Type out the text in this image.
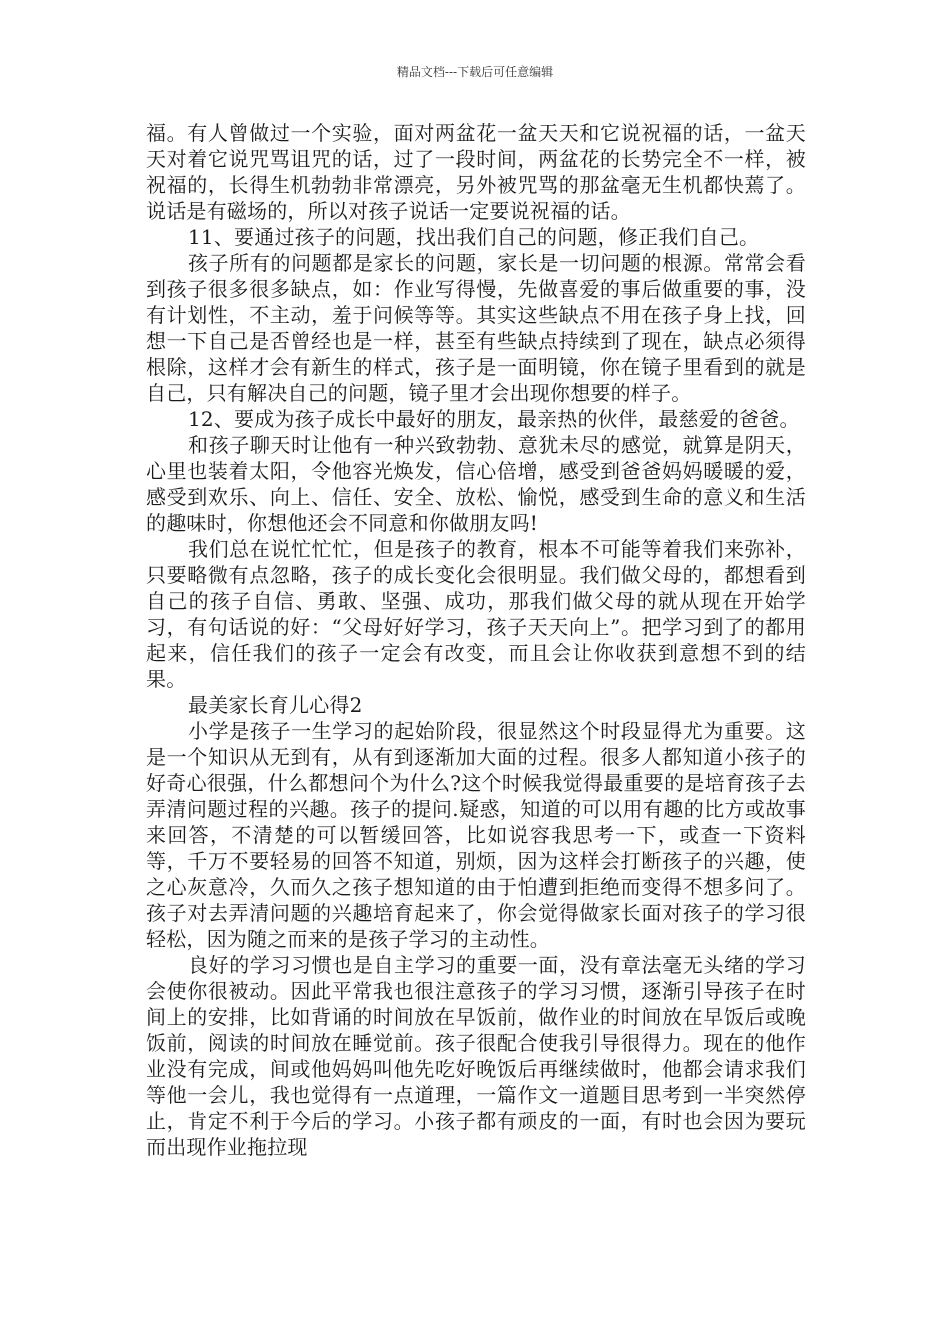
精品文档---下载后可任意编辑

福。有人曾做过一个实验，面对两盆花一盆天天和它说祝福的话，一盆天天对着它说咒骂诅咒的话，过了一段时间，两盆花的长势完全不一样，被祝福的，长得生机勃勃非常漂亮，另外被咒骂的那盆毫无生机都快蔫了。说话是有磁场的，所以对孩子说话一定要说祝福的话。

11、要通过孩子的问题，找出我们自己的问题，修正我们自己。

孩子所有的问题都是家长的问题，家长是一切问题的根源。常常会看到孩子很多很多缺点，如：作业写得慢，先做喜爱的事后做重要的事，没有计划性，不主动，羞于问候等等。其实这些缺点不用在孩子身上找，回想一下自己是否曾经也是一样，甚至有些缺点持续到了现在，缺点必须得根除，这样才会有新生的样式，孩子是一面明镜，你在镜子里看到的就是自己，只有解决自己的问题，镜子里才会出现你想要的样子。

12、要成为孩子成长中最好的朋友，最亲热的伙伴，最慈爱的爸爸。

和孩子聊天时让他有一种兴致勃勃、意犹未尽的感觉，就算是阴天，心里也装着太阳，令他容光焕发，信心倍增，感受到爸爸妈妈暖暖的爱，感受到欢乐、向上、信任、安全、放松、愉悦，感受到生命的意义和生活的趣味时，你想他还会不同意和你做朋友吗!

我们总在说忙忙忙，但是孩子的教育，根本不可能等着我们来弥补，只要略微有点忽略，孩子的成长变化会很明显。我们做父母的，都想看到自己的孩子自信、勇敢、坚强、成功，那我们做父母的就从现在开始学习，有句话说的好：“父母好好学习，孩子天天向上”。把学习到了的都用起来，信任我们的孩子一定会有改变，而且会让你收获到意想不到的结果。

最美家长育儿心得2

小学是孩子一生学习的起始阶段，很显然这个时段显得尤为重要。这是一个知识从无到有，从有到逐渐加大面的过程。很多人都知道小孩子的好奇心很强，什么都想问个为什么?这个时候我觉得最重要的是培育孩子去弄清问题过程的兴趣。孩子的提问.疑惑，知道的可以用有趣的比方或故事来回答，不清楚的可以暂缓回答，比如说容我思考一下，或查一下资料等，千万不要轻易的回答不知道，别烦，因为这样会打断孩子的兴趣，使之心灰意冷，久而久之孩子想知道的由于怕遭到拒绝而变得不想多问了。孩子对去弄清问题的兴趣培育起来了，你会觉得做家长面对孩子的学习很轻松，因为随之而来的是孩子学习的主动性。

良好的学习习惯也是自主学习的重要一面，没有章法毫无头绪的学习会使你很被动。因此平常我也很注意孩子的学习习惯，逐渐引导孩子在时间上的安排，比如背诵的时间放在早饭前，做作业的时间放在早饭后或晚饭前，阅读的时间放在睡觉前。孩子很配合使我引导很得力。现在的他作业没有完成，间或他妈妈叫他先吃好晚饭后再继续做时，他都会请求我们等他一会儿，我也觉得有一点道理，一篇作文一道题目思考到一半突然停止，肯定不利于今后的学习。小孩子都有顽皮的一面，有时也会因为要玩而出现作业拖拉现
